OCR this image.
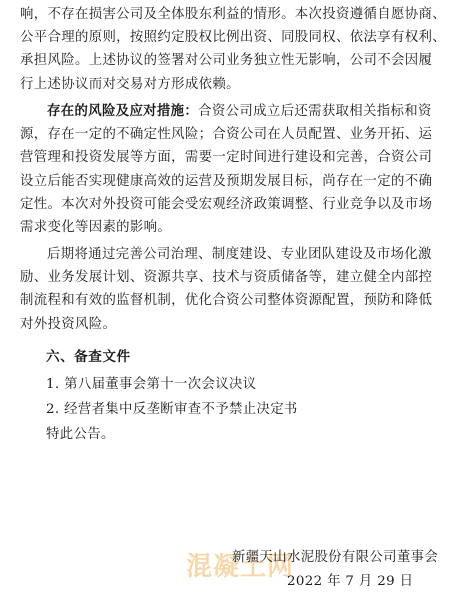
响，不存在损害公司及全体股东利益的情形。本次投资遵循自愿协商、
公平合理的原则，按照约定股权比例出资、同股同权、依法享有权利、
承担风险。上述协议的签署对公司业务独立性无影响，公司不会因履
行上述协议而对交易对方形成依赖。
存在的风险及应对措施：合资公司成立后还需获取相关指标和资
源，存在一定的不确定性风险；合资公司在人员配置、业务开拓、运
营管理和投资发展等方面，需要一定时间进行建设和完善，合资公司
设立后能否实现健康高效的运营及预期发展目标，尚存在一定的不确
定性。本次对外投资可能会受宏观经济政策调整、行业竞争以及市场
需求变化等因素的影响。
后期将通过完善公司治理、制度建设、专业团队建设及市场化激
励、业务发展计划、资源共享、技术与资质储备等，建立健全内部控
制流程和有效的监督机制，优化合资公司整体资源配置，预防和降低
对外投资风险。
六、备查文件
1. 第八届董事会第十一次会议决议
2. 经营者集中反垄断审查不予禁止决定书
特此公告。
混凝土网
新疆天山水泥股份有限公司董事会
2022 年 7 月 29 日
